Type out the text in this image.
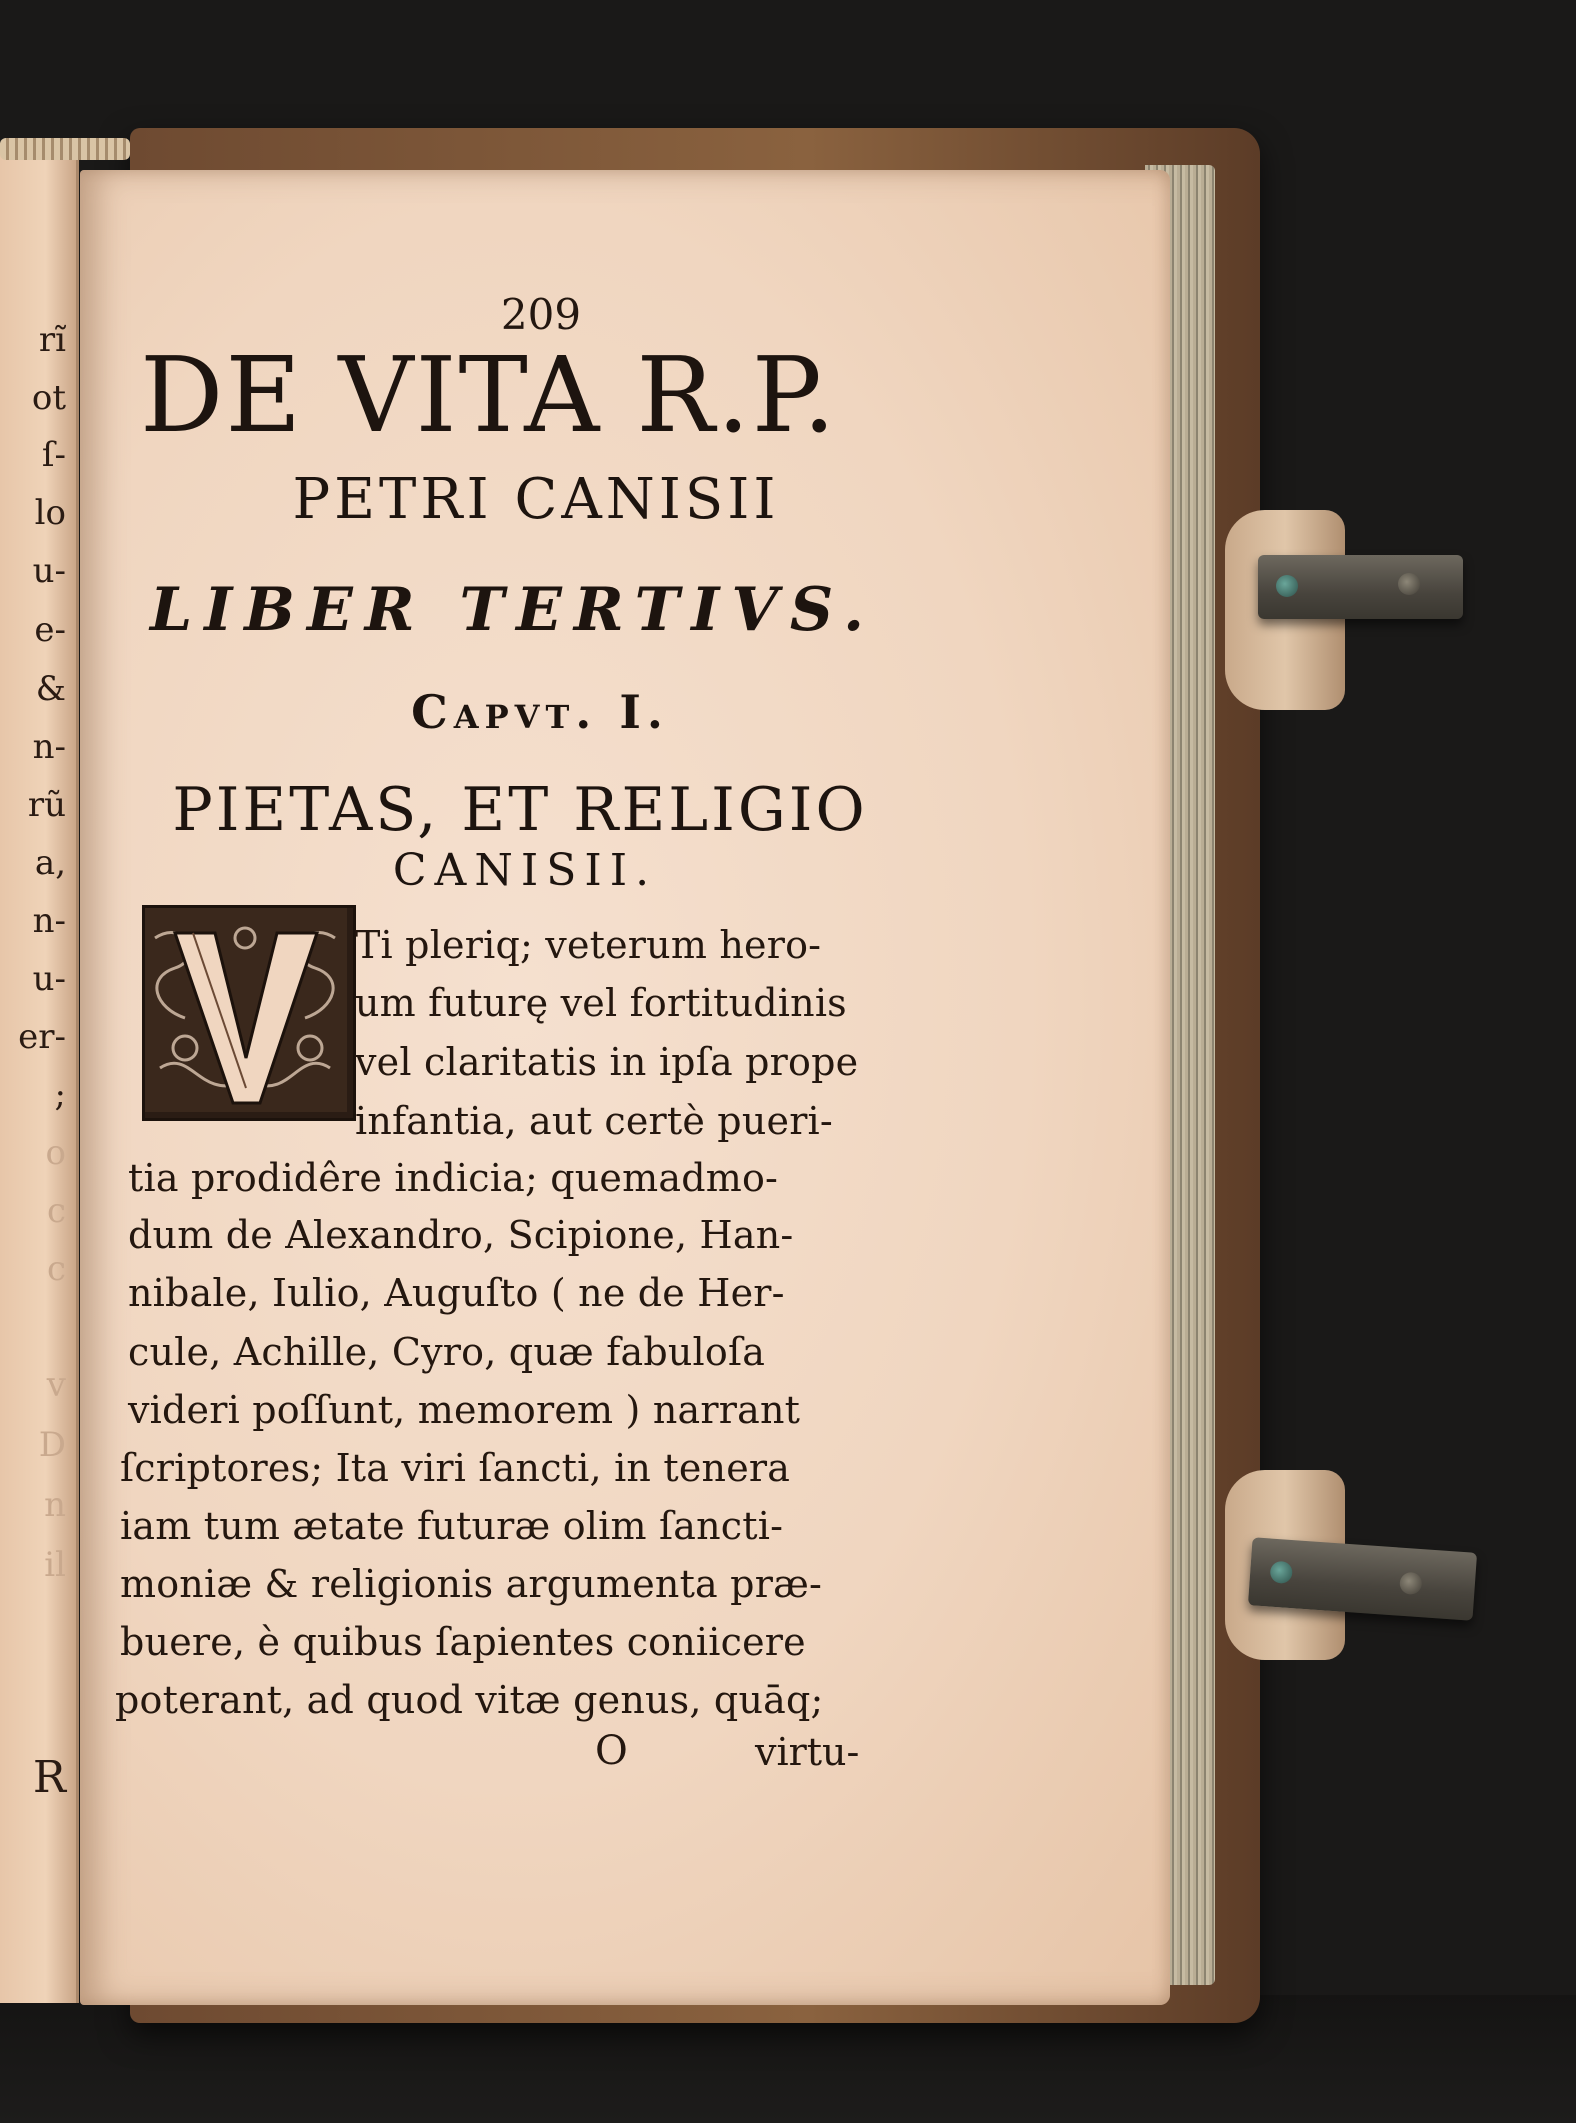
rĩ
ot
ſ-
lo
u-
e-
&
n-
rũ
a,
n-
u-
er-
;
o
c
c
v
D
n
il
R
209
DE VITA R.P.
PETRI CANISII
LIBER TERTIVS.
Capvt. I.
PIETAS, ET RELIGIO
CANISII.
Ti pleriq; veterum hero-
um futurę vel fortitudinis
vel claritatis in ipſa prope
infantia, aut certè pueri-
tia prodidêre indicia; quemadmo-
dum de Alexandro, Scipione, Han-
nibale, Iulio, Auguſto ( ne de Her-
cule, Achille, Cyro, quæ fabuloſa
videri poſſunt, memorem ) narrant
ſcriptores; Ita viri ſancti, in tenera
iam tum ætate futuræ olim ſancti-
moniæ & religionis argumenta præ-
buere, è quibus ſapientes coniicere
poterant, ad quod vitæ genus, quāq;
O	virtu-
